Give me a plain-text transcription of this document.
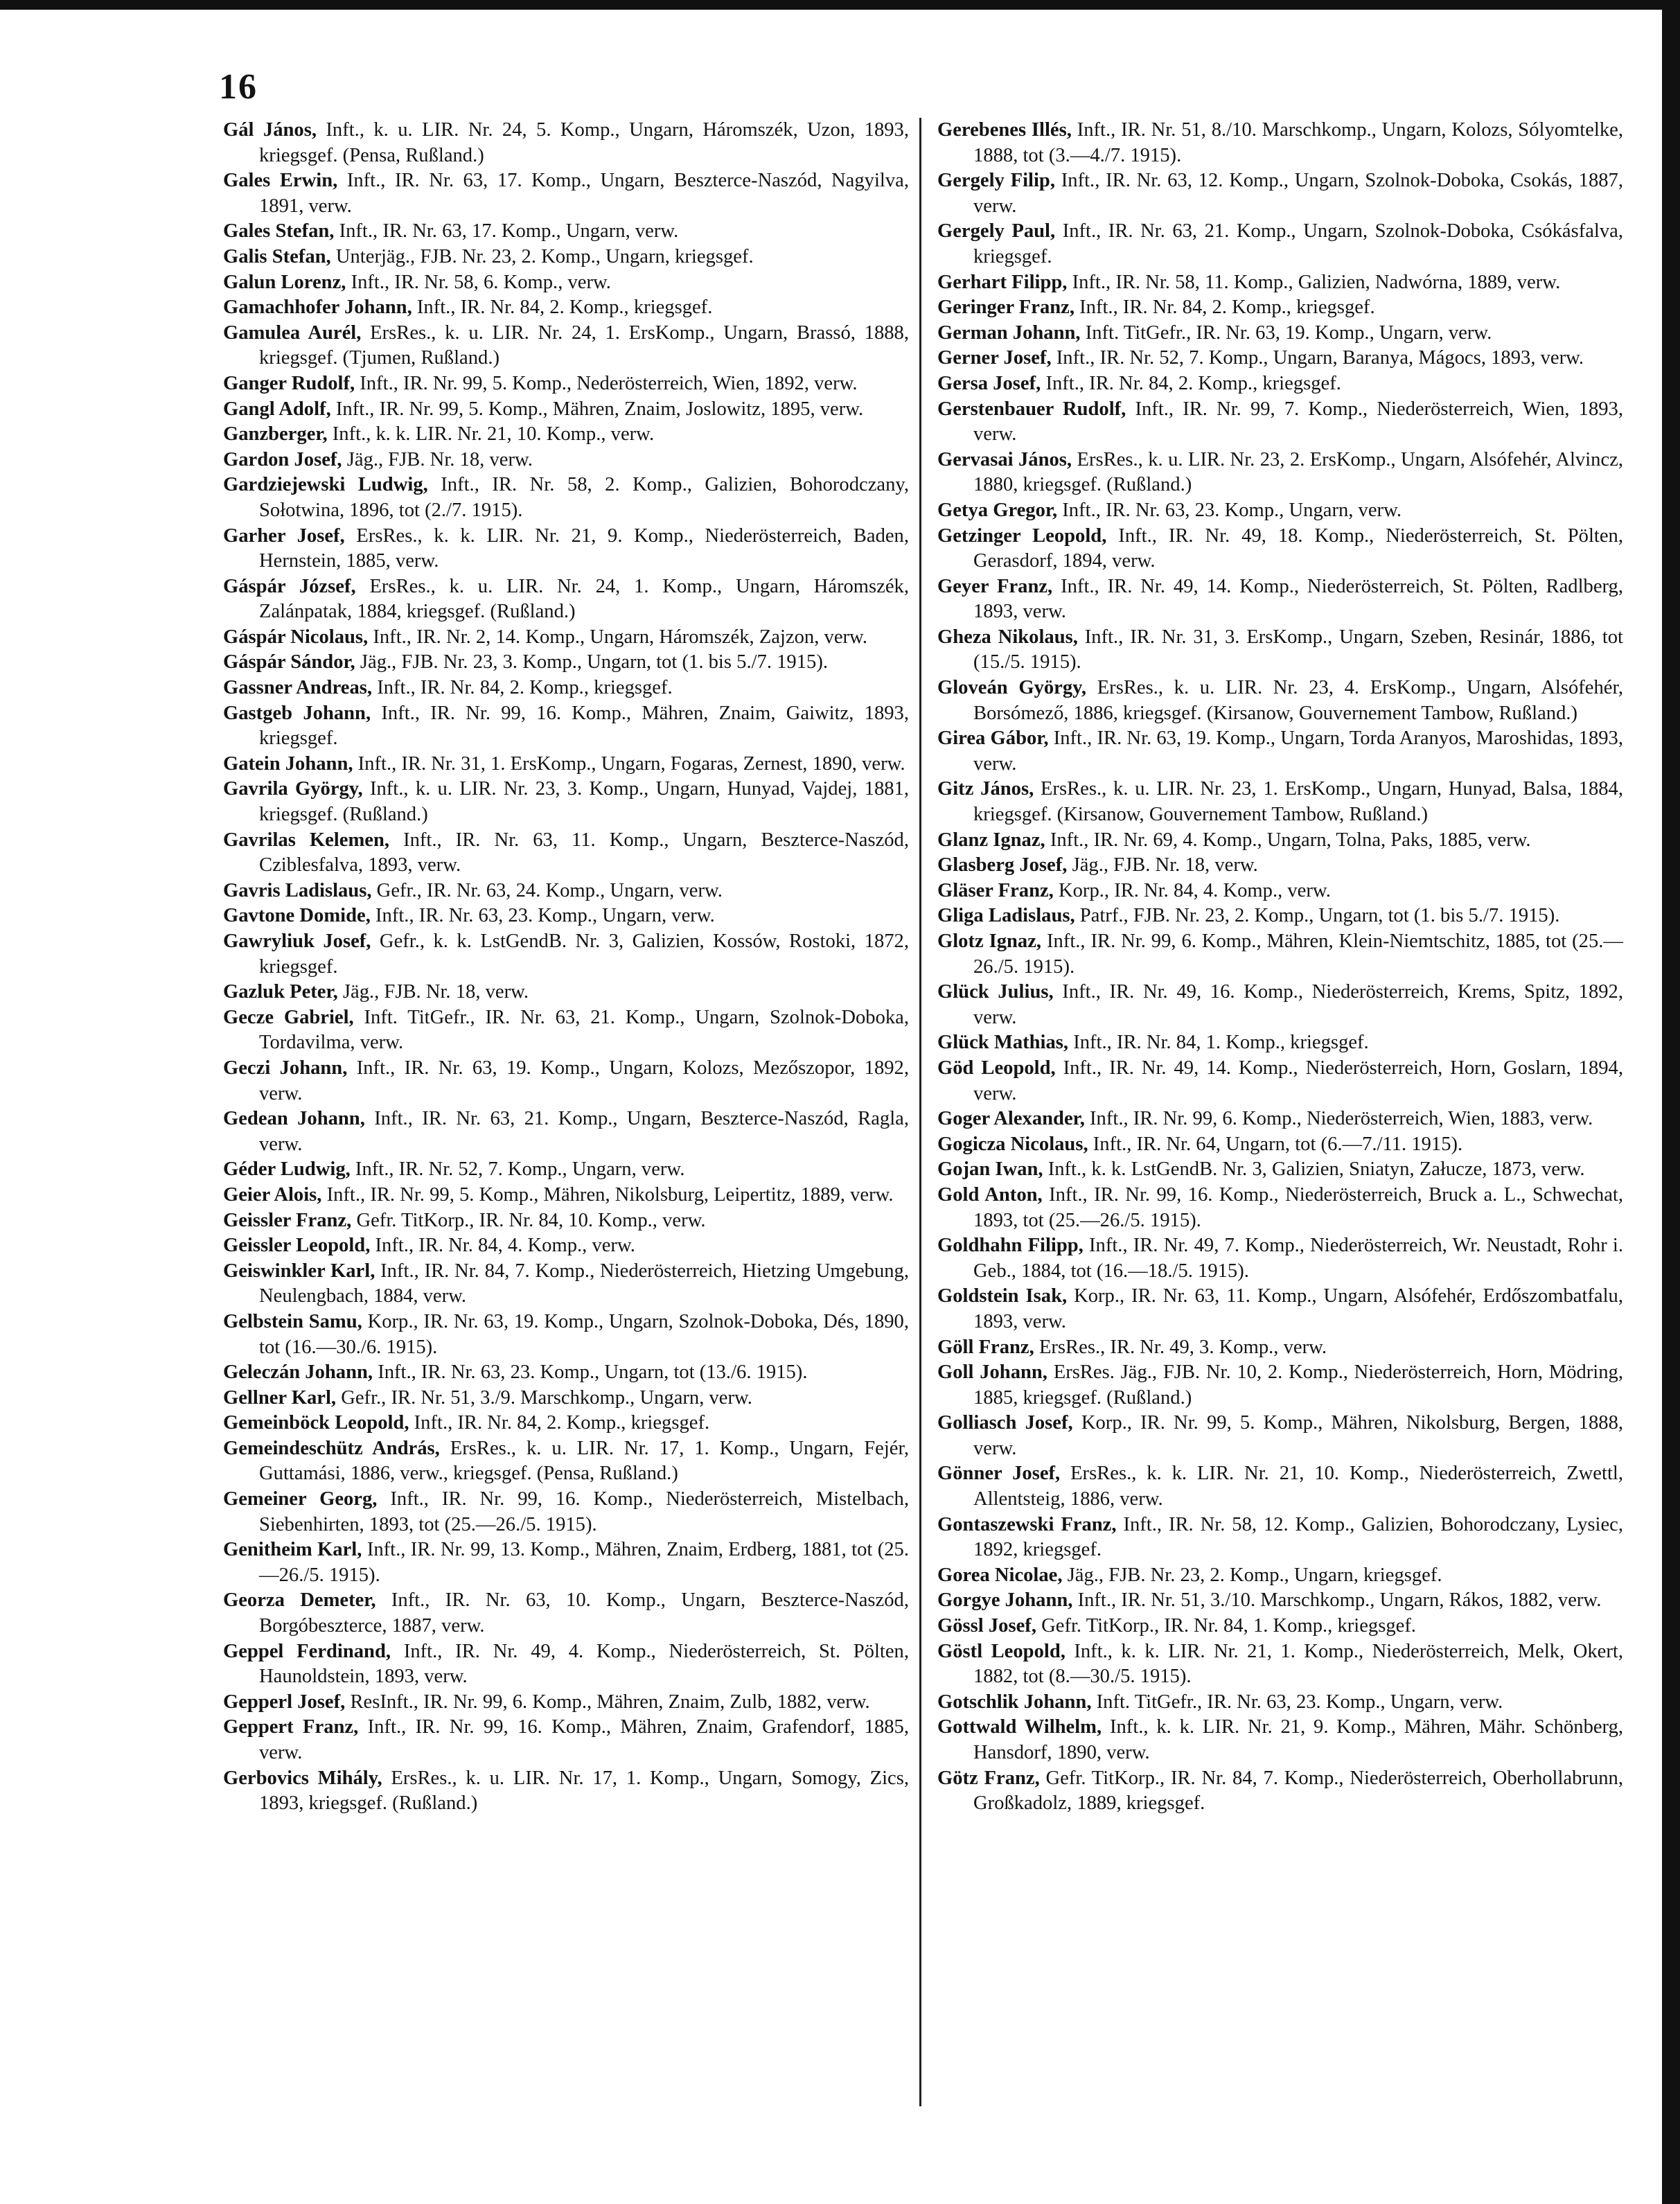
16
Gál János, Inft., k. u. LIR. Nr. 24, 5. Komp., Ungarn, Háromszék, Uzon, 1893, kriegsgef. (Pensa, Rußland.)
Gales Erwin, Inft., IR. Nr. 63, 17. Komp., Ungarn, Beszterce-Naszód, Nagyilva, 1891, verw.
Gales Stefan, Inft., IR. Nr. 63, 17. Komp., Ungarn, verw.
Galis Stefan, Unterjäg., FJB. Nr. 23, 2. Komp., Ungarn, kriegsgef.
Galun Lorenz, Inft., IR. Nr. 58, 6. Komp., verw.
Gamachhofer Johann, Inft., IR. Nr. 84, 2. Komp., kriegsgef.
Gamulea Aurél, ErsRes., k. u. LIR. Nr. 24, 1. ErsKomp., Ungarn, Brassó, 1888, kriegsgef. (Tjumen, Rußland.)
Ganger Rudolf, Inft., IR. Nr. 99, 5. Komp., Nederösterreich, Wien, 1892, verw.
Gangl Adolf, Inft., IR. Nr. 99, 5. Komp., Mähren, Znaim, Joslowitz, 1895, verw.
Ganzberger, Inft., k. k. LIR. Nr. 21, 10. Komp., verw.
Gardon Josef, Jäg., FJB. Nr. 18, verw.
Gardziejewski Ludwig, Inft., IR. Nr. 58, 2. Komp., Galizien, Bohorodczany, Sołotwina, 1896, tot (2./7. 1915).
Garher Josef, ErsRes., k. k. LIR. Nr. 21, 9. Komp., Niederösterreich, Baden, Hernstein, 1885, verw.
Gáspár József, ErsRes., k. u. LIR. Nr. 24, 1. Komp., Ungarn, Háromszék, Zalánpatak, 1884, kriegsgef. (Rußland.)
Gáspár Nicolaus, Inft., IR. Nr. 2, 14. Komp., Ungarn, Háromszék, Zajzon, verw.
Gáspár Sándor, Jäg., FJB. Nr. 23, 3. Komp., Ungarn, tot (1. bis 5./7. 1915).
Gassner Andreas, Inft., IR. Nr. 84, 2. Komp., kriegsgef.
Gastgeb Johann, Inft., IR. Nr. 99, 16. Komp., Mähren, Znaim, Gaiwitz, 1893, kriegsgef.
Gatein Johann, Inft., IR. Nr. 31, 1. ErsKomp., Ungarn, Fogaras, Zernest, 1890, verw.
Gavrila György, Inft., k. u. LIR. Nr. 23, 3. Komp., Ungarn, Hunyad, Vajdej, 1881, kriegsgef. (Rußland.)
Gavrilas Kelemen, Inft., IR. Nr. 63, 11. Komp., Ungarn, Beszterce-Naszód, Cziblesfalva, 1893, verw.
Gavris Ladislaus, Gefr., IR. Nr. 63, 24. Komp., Ungarn, verw.
Gavtone Domide, Inft., IR. Nr. 63, 23. Komp., Ungarn, verw.
Gawryliuk Josef, Gefr., k. k. LstGendB. Nr. 3, Galizien, Kossów, Rostoki, 1872, kriegsgef.
Gazluk Peter, Jäg., FJB. Nr. 18, verw.
Gecze Gabriel, Inft. TitGefr., IR. Nr. 63, 21. Komp., Ungarn, Szolnok-Doboka, Tordavilma, verw.
Geczi Johann, Inft., IR. Nr. 63, 19. Komp., Ungarn, Kolozs, Mezőszopor, 1892, verw.
Gedean Johann, Inft., IR. Nr. 63, 21. Komp., Ungarn, Beszterce-Naszód, Ragla, verw.
Géder Ludwig, Inft., IR. Nr. 52, 7. Komp., Ungarn, verw.
Geier Alois, Inft., IR. Nr. 99, 5. Komp., Mähren, Nikolsburg, Leipertitz, 1889, verw.
Geissler Franz, Gefr. TitKorp., IR. Nr. 84, 10. Komp., verw.
Geissler Leopold, Inft., IR. Nr. 84, 4. Komp., verw.
Geiswinkler Karl, Inft., IR. Nr. 84, 7. Komp., Niederösterreich, Hietzing Umgebung, Neulengbach, 1884, verw.
Gelbstein Samu, Korp., IR. Nr. 63, 19. Komp., Ungarn, Szolnok-Doboka, Dés, 1890, tot (16.—30./6. 1915).
Geleczán Johann, Inft., IR. Nr. 63, 23. Komp., Ungarn, tot (13./6. 1915).
Gellner Karl, Gefr., IR. Nr. 51, 3./9. Marschkomp., Ungarn, verw.
Gemeinböck Leopold, Inft., IR. Nr. 84, 2. Komp., kriegsgef.
Gemeindeschütz András, ErsRes., k. u. LIR. Nr. 17, 1. Komp., Ungarn, Fejér, Guttamási, 1886, verw., kriegsgef. (Pensa, Rußland.)
Gemeiner Georg, Inft., IR. Nr. 99, 16. Komp., Niederösterreich, Mistelbach, Siebenhirten, 1893, tot (25.—26./5. 1915).
Genitheim Karl, Inft., IR. Nr. 99, 13. Komp., Mähren, Znaim, Erdberg, 1881, tot (25.—26./5. 1915).
Georza Demeter, Inft., IR. Nr. 63, 10. Komp., Ungarn, Beszterce-Naszód, Borgóbeszterce, 1887, verw.
Geppel Ferdinand, Inft., IR. Nr. 49, 4. Komp., Niederösterreich, St. Pölten, Haunoldstein, 1893, verw.
Gepperl Josef, ResInft., IR. Nr. 99, 6. Komp., Mähren, Znaim, Zulb, 1882, verw.
Geppert Franz, Inft., IR. Nr. 99, 16. Komp., Mähren, Znaim, Grafendorf, 1885, verw.
Gerbovics Mihály, ErsRes., k. u. LIR. Nr. 17, 1. Komp., Ungarn, Somogy, Zics, 1893, kriegsgef. (Rußland.)
Gerebenes Illés, Inft., IR. Nr. 51, 8./10. Marschkomp., Ungarn, Kolozs, Sólyomtelke, 1888, tot (3.—4./7. 1915).
Gergely Filip, Inft., IR. Nr. 63, 12. Komp., Ungarn, Szolnok-Doboka, Csokás, 1887, verw.
Gergely Paul, Inft., IR. Nr. 63, 21. Komp., Ungarn, Szolnok-Doboka, Csókásfalva, kriegsgef.
Gerhart Filipp, Inft., IR. Nr. 58, 11. Komp., Galizien, Nadwórna, 1889, verw.
Geringer Franz, Inft., IR. Nr. 84, 2. Komp., kriegsgef.
German Johann, Inft. TitGefr., IR. Nr. 63, 19. Komp., Ungarn, verw.
Gerner Josef, Inft., IR. Nr. 52, 7. Komp., Ungarn, Baranya, Mágocs, 1893, verw.
Gersa Josef, Inft., IR. Nr. 84, 2. Komp., kriegsgef.
Gerstenbauer Rudolf, Inft., IR. Nr. 99, 7. Komp., Niederösterreich, Wien, 1893, verw.
Gervasai János, ErsRes., k. u. LIR. Nr. 23, 2. ErsKomp., Ungarn, Alsófehér, Alvincz, 1880, kriegsgef. (Rußland.)
Getya Gregor, Inft., IR. Nr. 63, 23. Komp., Ungarn, verw.
Getzinger Leopold, Inft., IR. Nr. 49, 18. Komp., Niederösterreich, St. Pölten, Gerasdorf, 1894, verw.
Geyer Franz, Inft., IR. Nr. 49, 14. Komp., Niederösterreich, St. Pölten, Radlberg, 1893, verw.
Gheza Nikolaus, Inft., IR. Nr. 31, 3. ErsKomp., Ungarn, Szeben, Resinár, 1886, tot (15./5. 1915).
Gloveán György, ErsRes., k. u. LIR. Nr. 23, 4. ErsKomp., Ungarn, Alsófehér, Borsómező, 1886, kriegsgef. (Kirsanow, Gouvernement Tambow, Rußland.)
Girea Gábor, Inft., IR. Nr. 63, 19. Komp., Ungarn, Torda Aranyos, Maroshidas, 1893, verw.
Gitz János, ErsRes., k. u. LIR. Nr. 23, 1. ErsKomp., Ungarn, Hunyad, Balsa, 1884, kriegsgef. (Kirsanow, Gouvernement Tambow, Rußland.)
Glanz Ignaz, Inft., IR. Nr. 69, 4. Komp., Ungarn, Tolna, Paks, 1885, verw.
Glasberg Josef, Jäg., FJB. Nr. 18, verw.
Gläser Franz, Korp., IR. Nr. 84, 4. Komp., verw.
Gliga Ladislaus, Patrf., FJB. Nr. 23, 2. Komp., Ungarn, tot (1. bis 5./7. 1915).
Glotz Ignaz, Inft., IR. Nr. 99, 6. Komp., Mähren, Klein-Niemtschitz, 1885, tot (25.—26./5. 1915).
Glück Julius, Inft., IR. Nr. 49, 16. Komp., Niederösterreich, Krems, Spitz, 1892, verw.
Glück Mathias, Inft., IR. Nr. 84, 1. Komp., kriegsgef.
Göd Leopold, Inft., IR. Nr. 49, 14. Komp., Niederösterreich, Horn, Goslarn, 1894, verw.
Goger Alexander, Inft., IR. Nr. 99, 6. Komp., Niederösterreich, Wien, 1883, verw.
Gogicza Nicolaus, Inft., IR. Nr. 64, Ungarn, tot (6.—7./11. 1915).
Gojan Iwan, Inft., k. k. LstGendB. Nr. 3, Galizien, Sniatyn, Załucze, 1873, verw.
Gold Anton, Inft., IR. Nr. 99, 16. Komp., Niederösterreich, Bruck a. L., Schwechat, 1893, tot (25.—26./5. 1915).
Goldhahn Filipp, Inft., IR. Nr. 49, 7. Komp., Niederösterreich, Wr. Neustadt, Rohr i. Geb., 1884, tot (16.—18./5. 1915).
Goldstein Isak, Korp., IR. Nr. 63, 11. Komp., Ungarn, Alsófehér, Erdőszombatfalu, 1893, verw.
Göll Franz, ErsRes., IR. Nr. 49, 3. Komp., verw.
Goll Johann, ErsRes. Jäg., FJB. Nr. 10, 2. Komp., Niederösterreich, Horn, Mödring, 1885, kriegsgef. (Rußland.)
Golliasch Josef, Korp., IR. Nr. 99, 5. Komp., Mähren, Nikolsburg, Bergen, 1888, verw.
Gönner Josef, ErsRes., k. k. LIR. Nr. 21, 10. Komp., Niederösterreich, Zwettl, Allentsteig, 1886, verw.
Gontaszewski Franz, Inft., IR. Nr. 58, 12. Komp., Galizien, Bohorodczany, Lysiec, 1892, kriegsgef.
Gorea Nicolae, Jäg., FJB. Nr. 23, 2. Komp., Ungarn, kriegsgef.
Gorgye Johann, Inft., IR. Nr. 51, 3./10. Marschkomp., Ungarn, Rákos, 1882, verw.
Gössl Josef, Gefr. TitKorp., IR. Nr. 84, 1. Komp., kriegsgef.
Göstl Leopold, Inft., k. k. LIR. Nr. 21, 1. Komp., Niederösterreich, Melk, Okert, 1882, tot (8.—30./5. 1915).
Gotschlik Johann, Inft. TitGefr., IR. Nr. 63, 23. Komp., Ungarn, verw.
Gottwald Wilhelm, Inft., k. k. LIR. Nr. 21, 9. Komp., Mähren, Mähr. Schönberg, Hansdorf, 1890, verw.
Götz Franz, Gefr. TitKorp., IR. Nr. 84, 7. Komp., Niederösterreich, Oberhollabrunn, Großkadolz, 1889, kriegsgef.
